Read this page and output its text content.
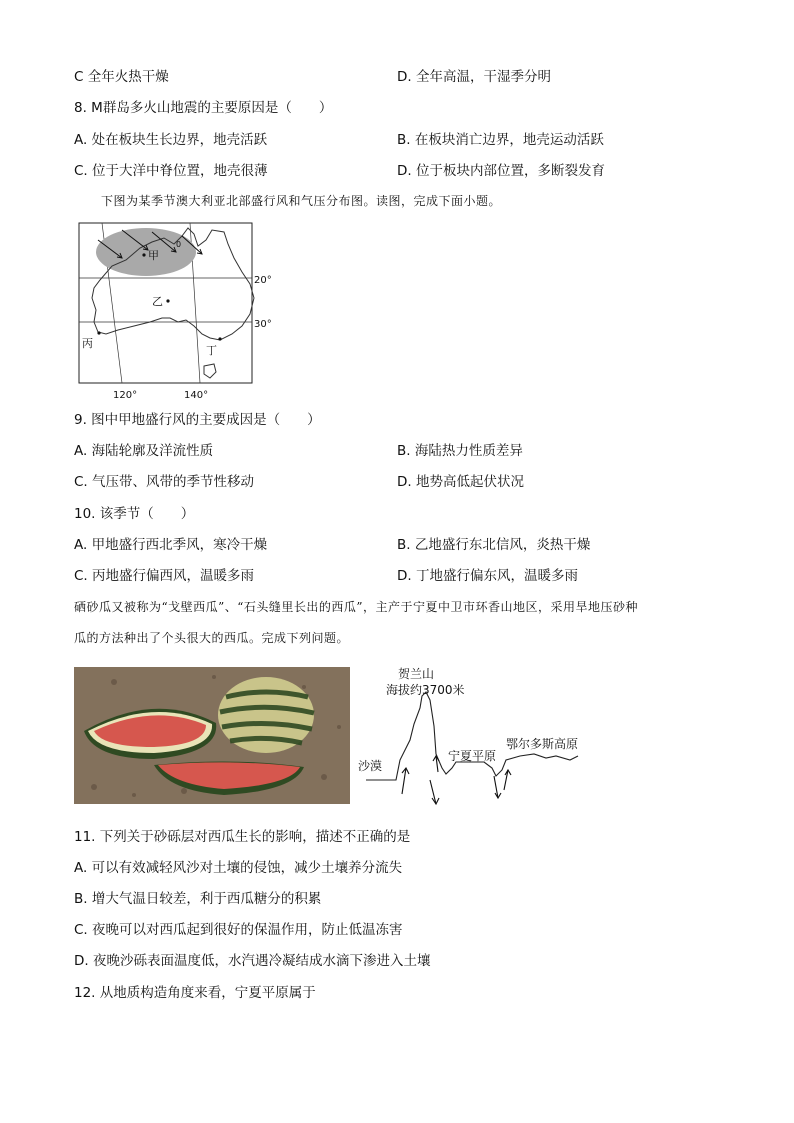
C 全年火热干燥	D. 全年高温，干湿季分明
8. M群岛多火山地震的主要原因是（　　）
A. 处在板块生长边界，地壳活跃	B. 在板块消亡边界，地壳运动活跃
C. 位于大洋中脊位置，地壳很薄	D. 位于板块内部位置，多断裂发育
下图为某季节澳大利亚北部盛行风和气压分布图。读图，完成下面小题。
0
甲
乙
丙
丁
20°
30°
120°	140°
9. 图中甲地盛行风的主要成因是（　　）
A. 海陆轮廓及洋流性质	B. 海陆热力性质差异
C. 气压带、风带的季节性移动	D. 地势高低起伏状况
10. 该季节（　　）
A. 甲地盛行西北季风，寒冷干燥	B. 乙地盛行东北信风，炎热干燥
C. 丙地盛行偏西风，温暖多雨	D. 丁地盛行偏东风，温暖多雨
硒砂瓜又被称为“戈壁西瓜”、“石头缝里长出的西瓜”，主产于宁夏中卫市环香山地区，采用旱地压砂种
瓜的方法种出了个头很大的西瓜。完成下列问题。
贺兰山
海拔约3700米
沙漠
宁夏平原
鄂尔多斯高原
11. 下列关于砂砾层对西瓜生长的影响，描述不正确的是
A. 可以有效减轻风沙对土壤的侵蚀，减少土壤养分流失
B. 增大气温日较差，利于西瓜糖分的积累
C. 夜晚可以对西瓜起到很好的保温作用，防止低温冻害
D. 夜晚沙砾表面温度低，水汽遇冷凝结成水滴下渗进入土壤
12. 从地质构造角度来看，宁夏平原属于
